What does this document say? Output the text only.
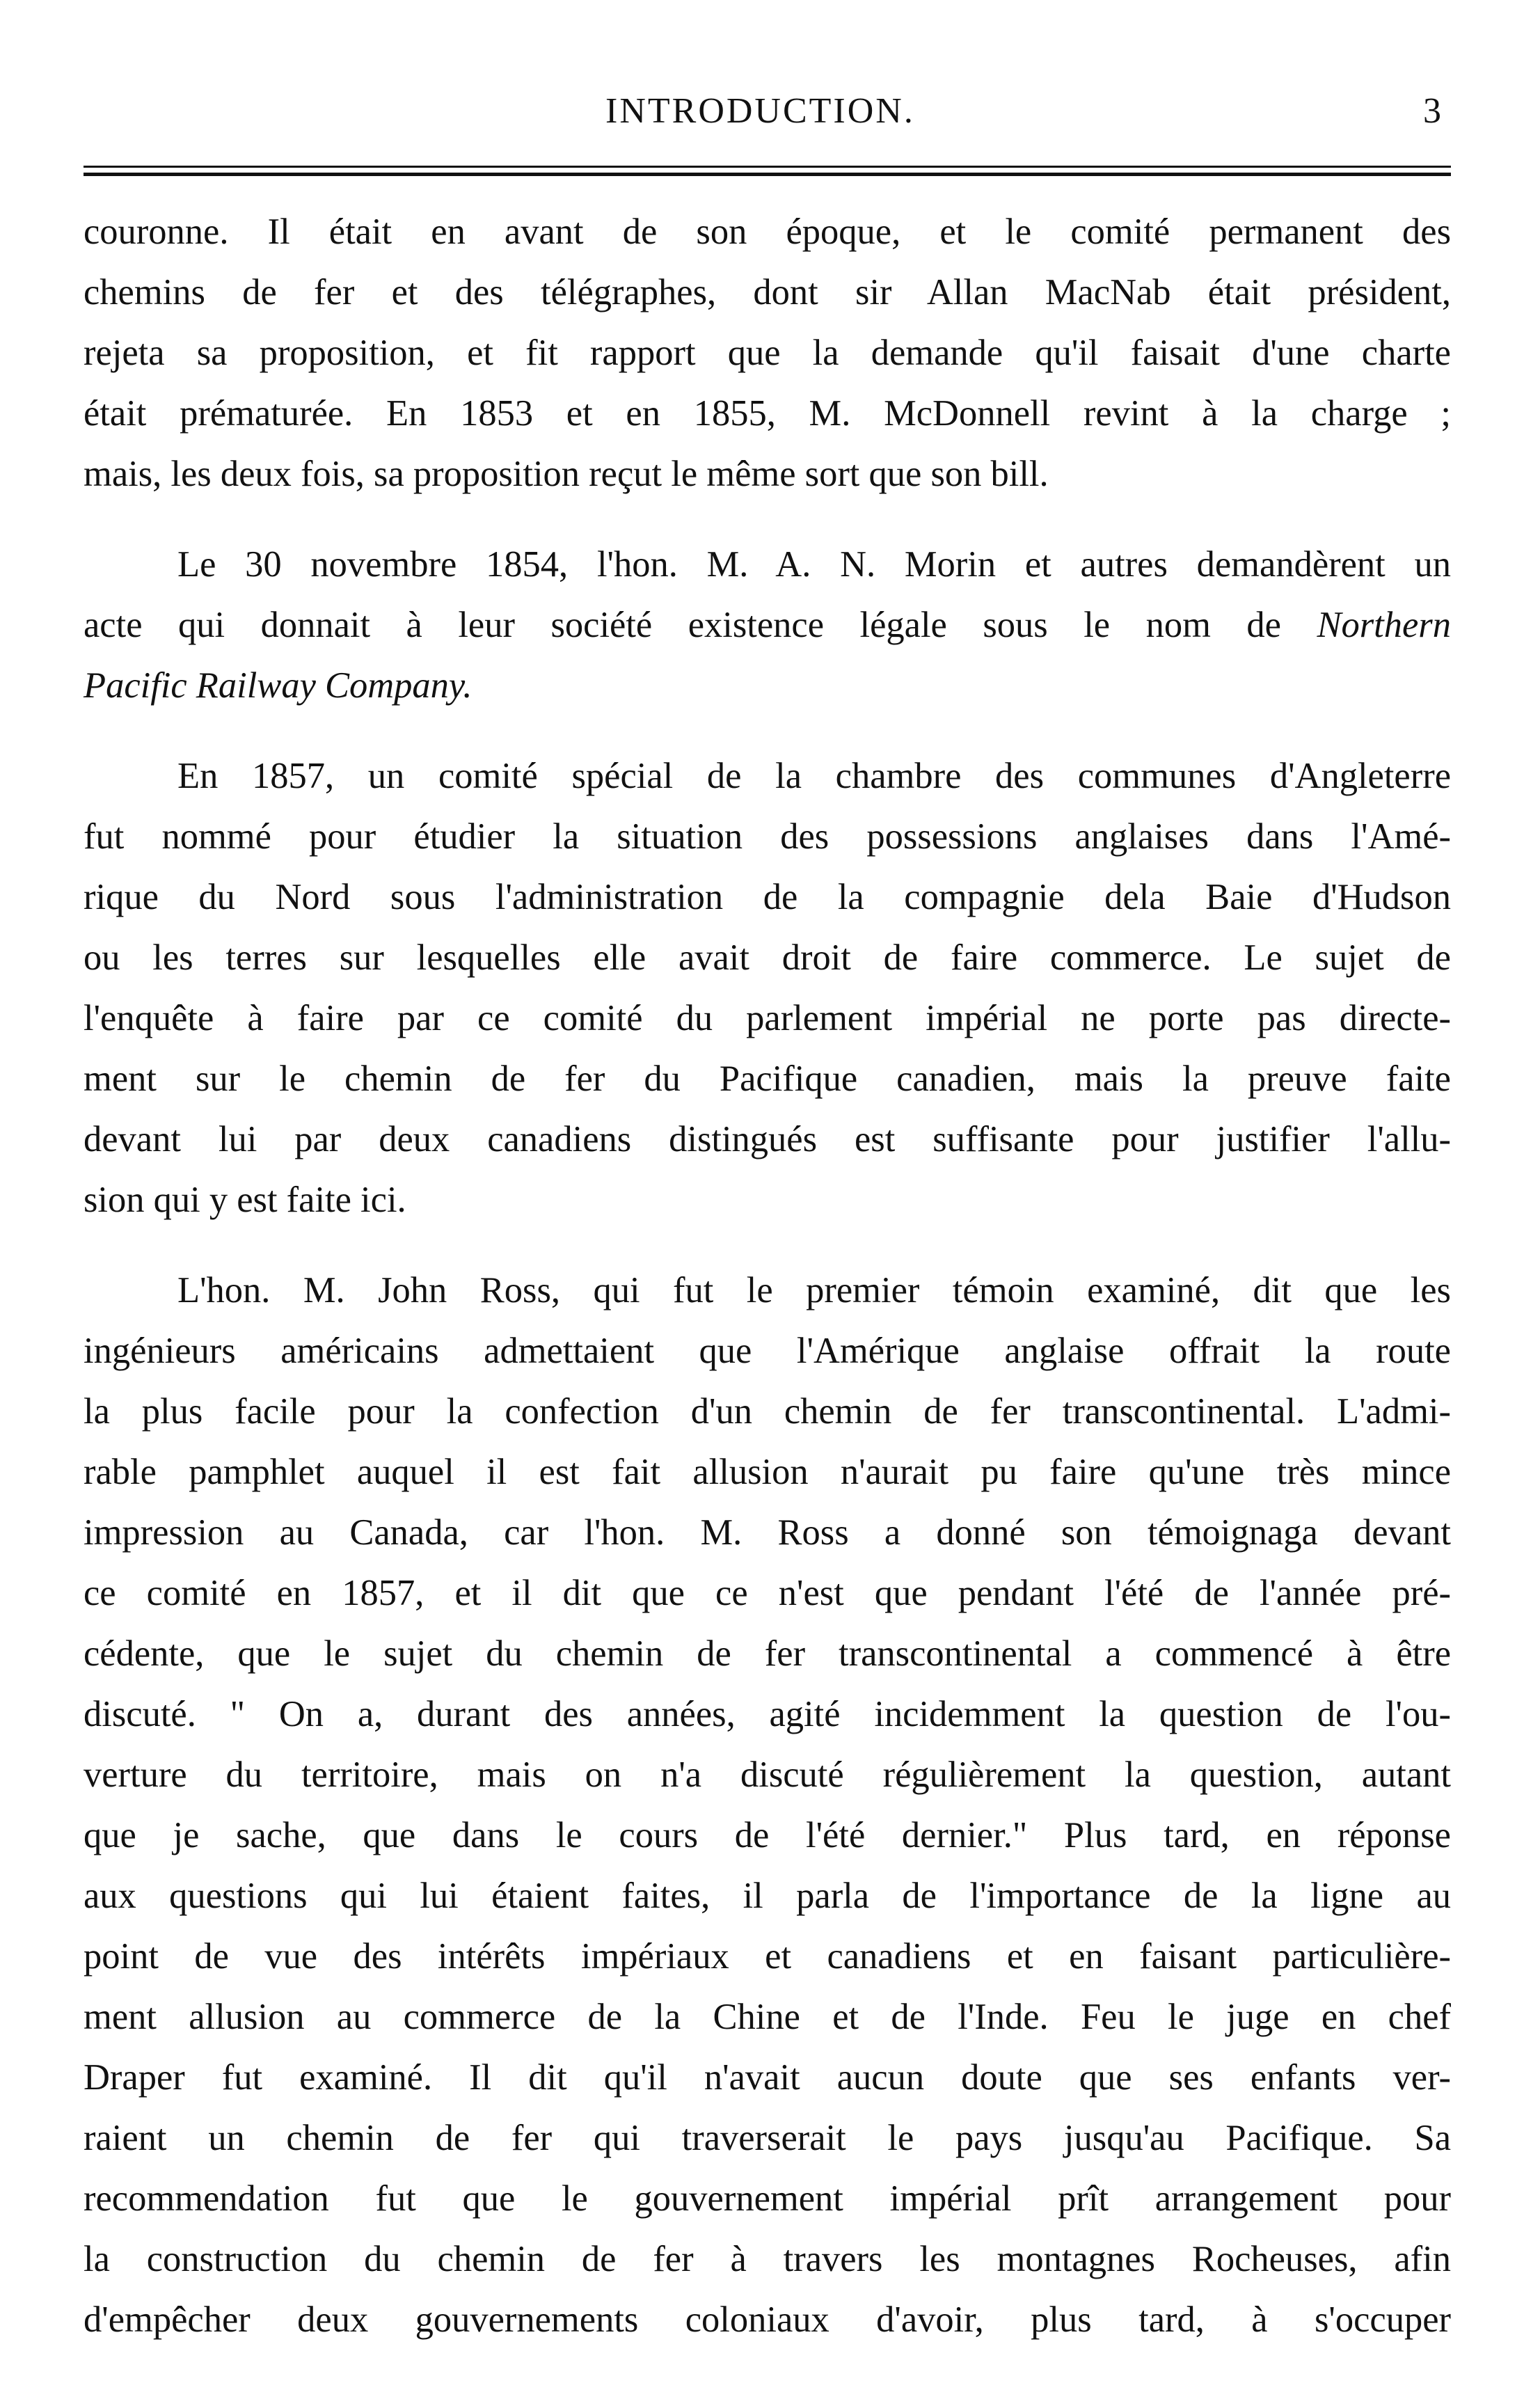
INTRODUCTION.	3
couronne. Il était en avant de son époque, et le comité permanent des
chemins de fer et des télégraphes, dont sir Allan MacNab était président,
rejeta sa proposition, et fit rapport que la demande qu'il faisait d'une charte
était prématurée. En 1853 et en 1855, M. McDonnell revint à la charge ;
mais, les deux fois, sa proposition reçut le même sort que son bill.
Le 30 novembre 1854, l'hon. M. A. N. Morin et autres demandèrent un
acte qui donnait à leur société existence légale sous le nom de Northern
Pacific Railway Company.
En 1857, un comité spécial de la chambre des communes d'Angleterre
fut nommé pour étudier la situation des possessions anglaises dans l'Amé-
rique du Nord sous l'administration de la compagnie dela Baie d'Hudson
ou les terres sur lesquelles elle avait droit de faire commerce. Le sujet de
l'enquête à faire par ce comité du parlement impérial ne porte pas directe-
ment sur le chemin de fer du Pacifique canadien, mais la preuve faite
devant lui par deux canadiens distingués est suffisante pour justifier l'allu-
sion qui y est faite ici.
L'hon. M. John Ross, qui fut le premier témoin examiné, dit que les
ingénieurs américains admettaient que l'Amérique anglaise offrait la route
la plus facile pour la confection d'un chemin de fer transcontinental. L'admi-
rable pamphlet auquel il est fait allusion n'aurait pu faire qu'une très mince
impression au Canada, car l'hon. M. Ross a donné son témoignaga devant
ce comité en 1857, et il dit que ce n'est que pendant l'été de l'année pré-
cédente, que le sujet du chemin de fer transcontinental a commencé à être
discuté. " On a, durant des années, agité incidemment la question de l'ou-
verture du territoire, mais on n'a discuté régulièrement la question, autant
que je sache, que dans le cours de l'été dernier." Plus tard, en réponse
aux questions qui lui étaient faites, il parla de l'importance de la ligne au
point de vue des intérêts impériaux et canadiens et en faisant particulière-
ment allusion au commerce de la Chine et de l'Inde. Feu le juge en chef
Draper fut examiné. Il dit qu'il n'avait aucun doute que ses enfants ver-
raient un chemin de fer qui traverserait le pays jusqu'au Pacifique. Sa
recommendation fut que le gouvernement impérial prît arrangement pour
la construction du chemin de fer à travers les montagnes Rocheuses, afin
d'empêcher deux gouvernements coloniaux d'avoir, plus tard, à s'occuper
